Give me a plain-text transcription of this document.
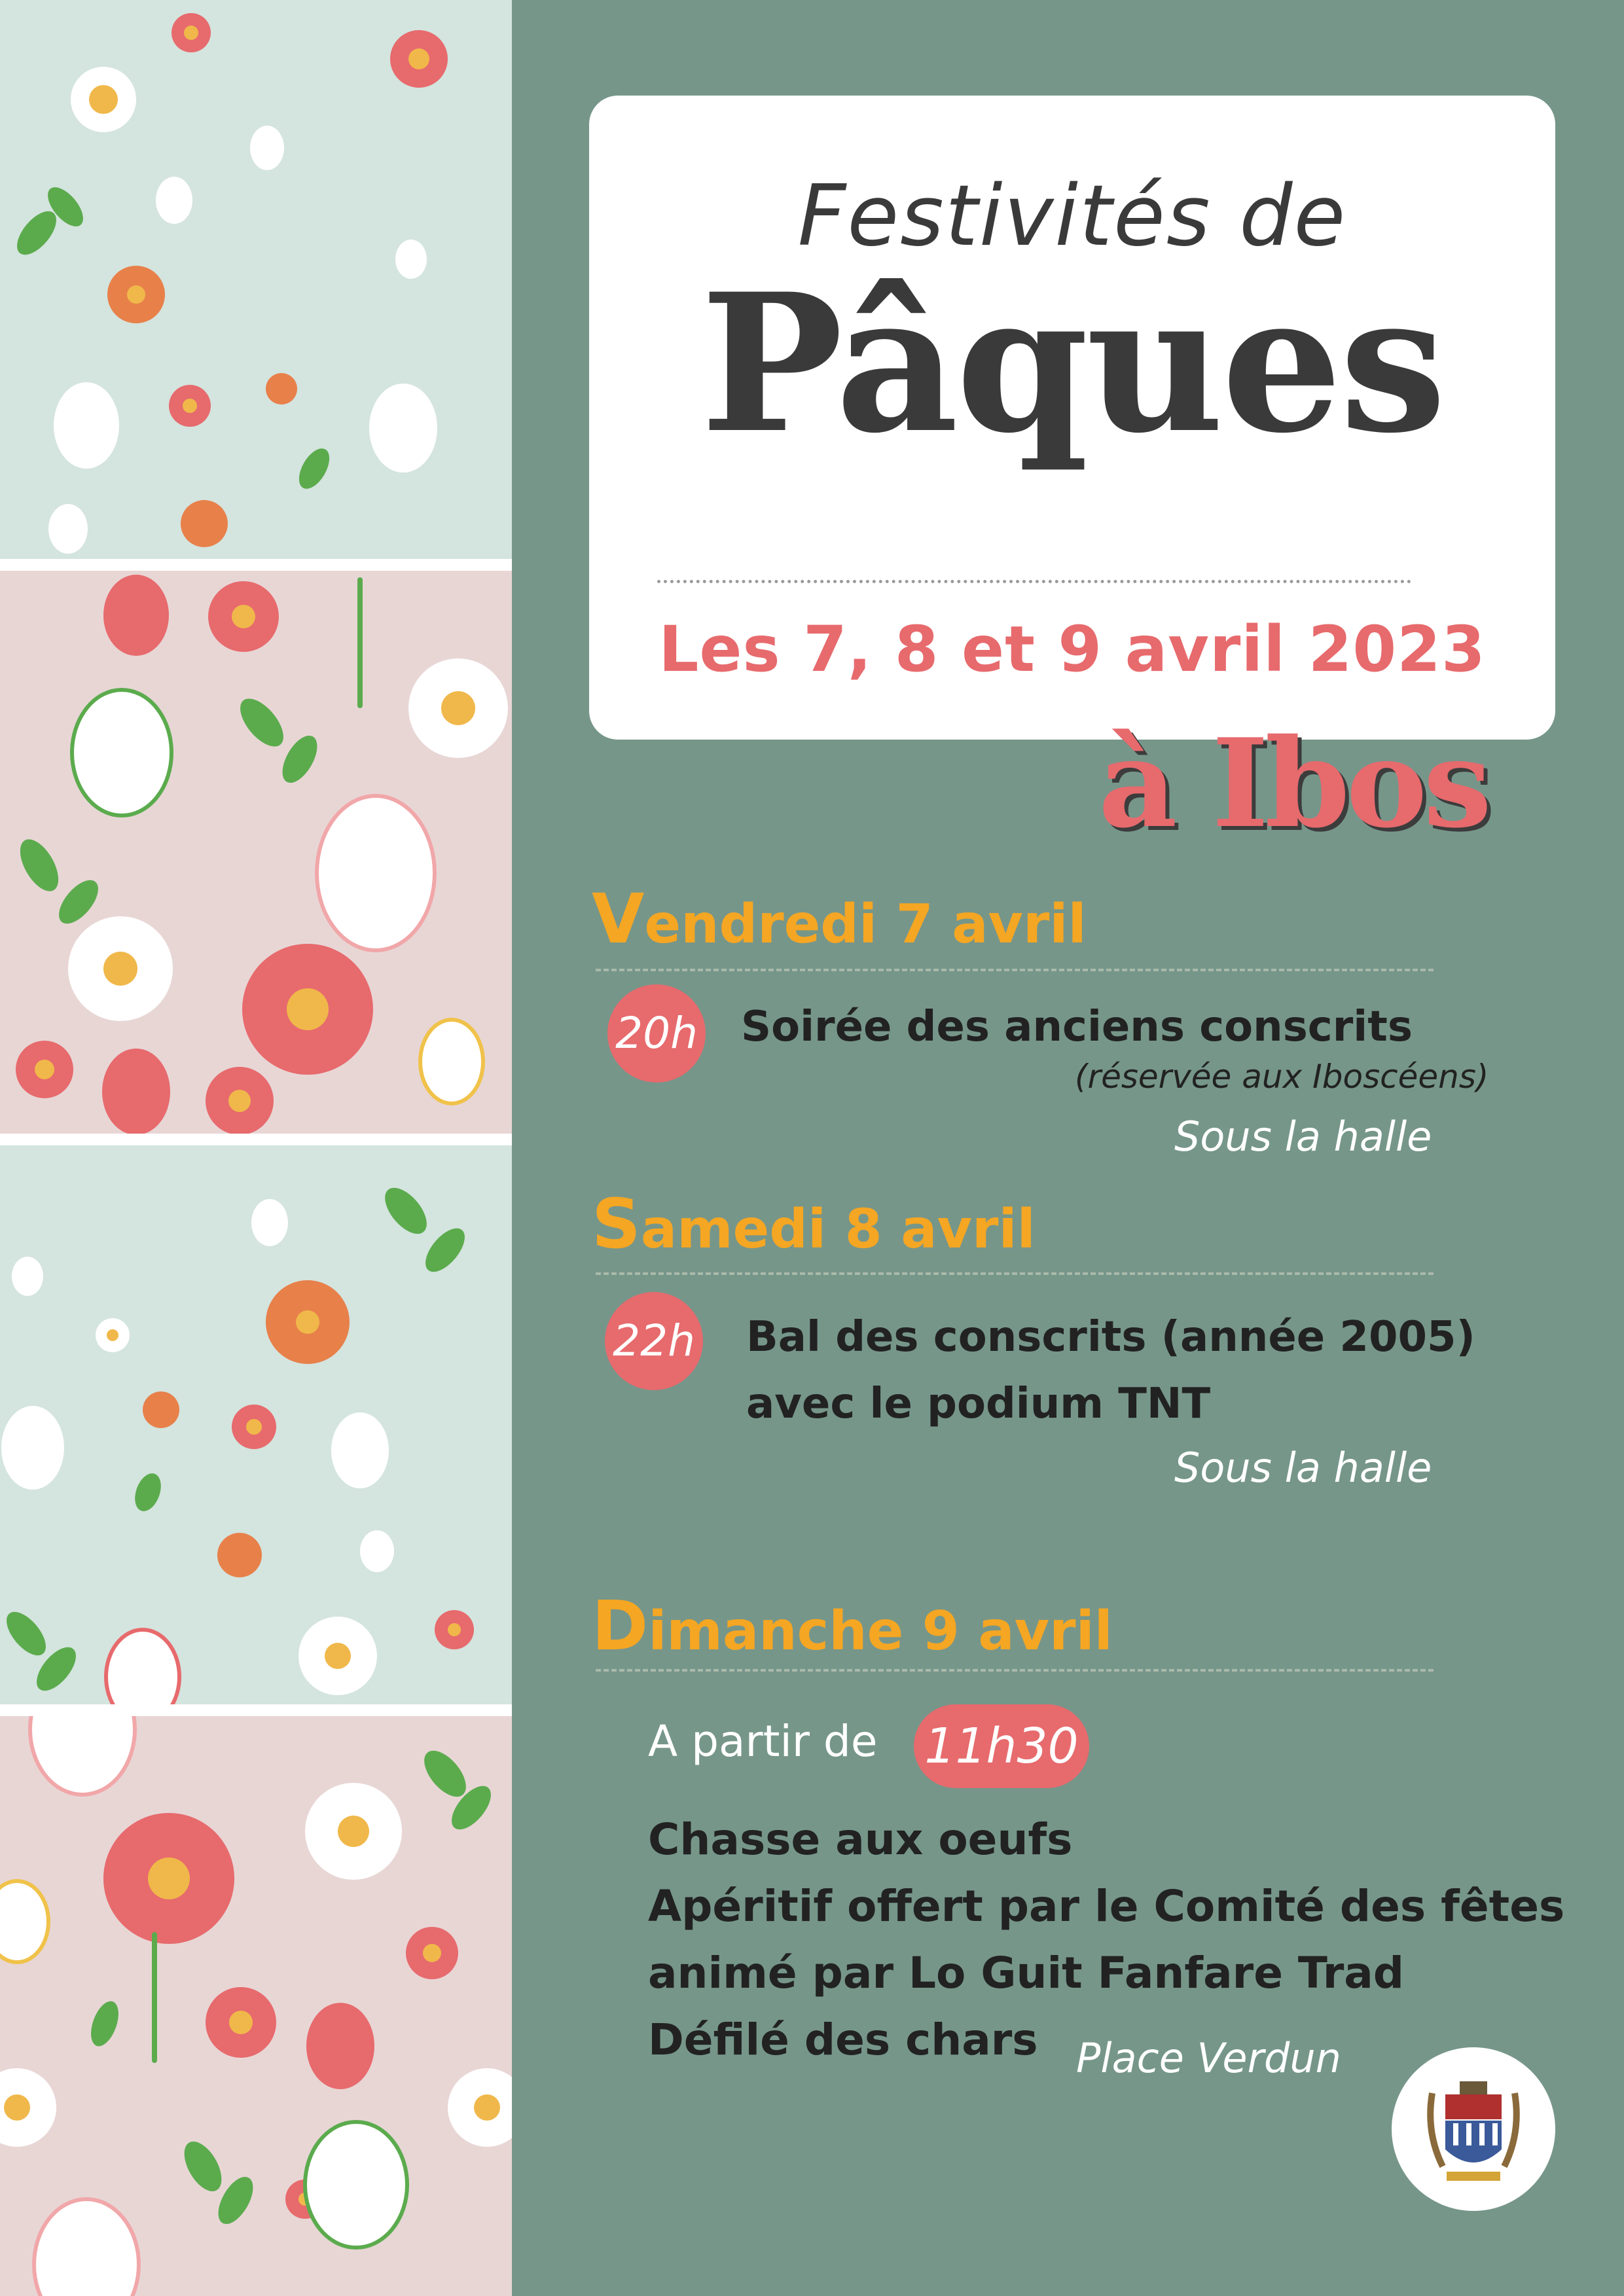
Festivités de
Pâques
Les 7, 8 et 9 avril 2023
à Ibos
Vendredi 7 avril
20h Soirée des anciens conscrits
(réservée aux Iboscéens)
Sous la halle
Samedi 8 avril
22h Bal des conscrits (année 2005)
avec le podium TNT
Sous la halle
Dimanche 9 avril
A partir de 11h30
Chasse aux oeufs
Apéritif offert par le Comité des fêtes
animé par Lo Guit Fanfare Trad
Défilé des chars Place Verdun
